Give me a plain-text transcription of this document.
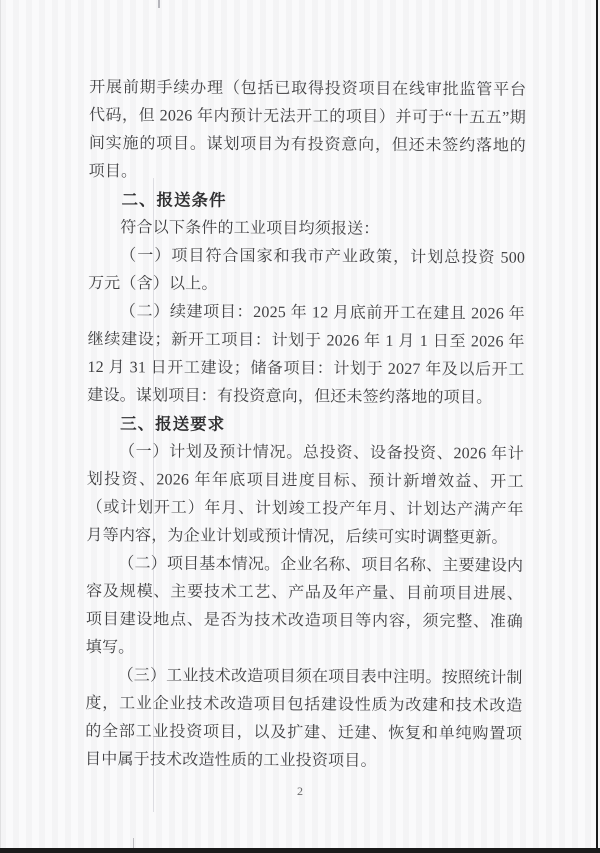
开展前期手续办理（包括已取得投资项目在线审批监管平台代码，但 2026 年内预计无法开工的项目）并可于“十五五”期间实施的项目。谋划项目为有投资意向，但还未签约落地的项目。

二、报送条件

符合以下条件的工业项目均须报送：

（一）项目符合国家和我市产业政策，计划总投资 500 万元（含）以上。

（二）续建项目：2025 年 12 月底前开工在建且 2026 年继续建设；新开工项目：计划于 2026 年 1 月 1 日至 2026 年 12 月 31 日开工建设；储备项目：计划于 2027 年及以后开工建设。谋划项目：有投资意向，但还未签约落地的项目。

三、报送要求

（一）计划及预计情况。总投资、设备投资、2026 年计划投资、2026 年年底项目进度目标、预计新增效益、开工（或计划开工）年月、计划竣工投产年月、计划达产满产年月等内容，为企业计划或预计情况，后续可实时调整更新。

（二）项目基本情况。企业名称、项目名称、主要建设内容及规模、主要技术工艺、产品及年产量、目前项目进展、项目建设地点、是否为技术改造项目等内容，须完整、准确填写。

（三）工业技术改造项目须在项目表中注明。按照统计制度，工业企业技术改造项目包括建设性质为改建和技术改造的全部工业投资项目，以及扩建、迁建、恢复和单纯购置项目中属于技术改造性质的工业投资项目。

2
